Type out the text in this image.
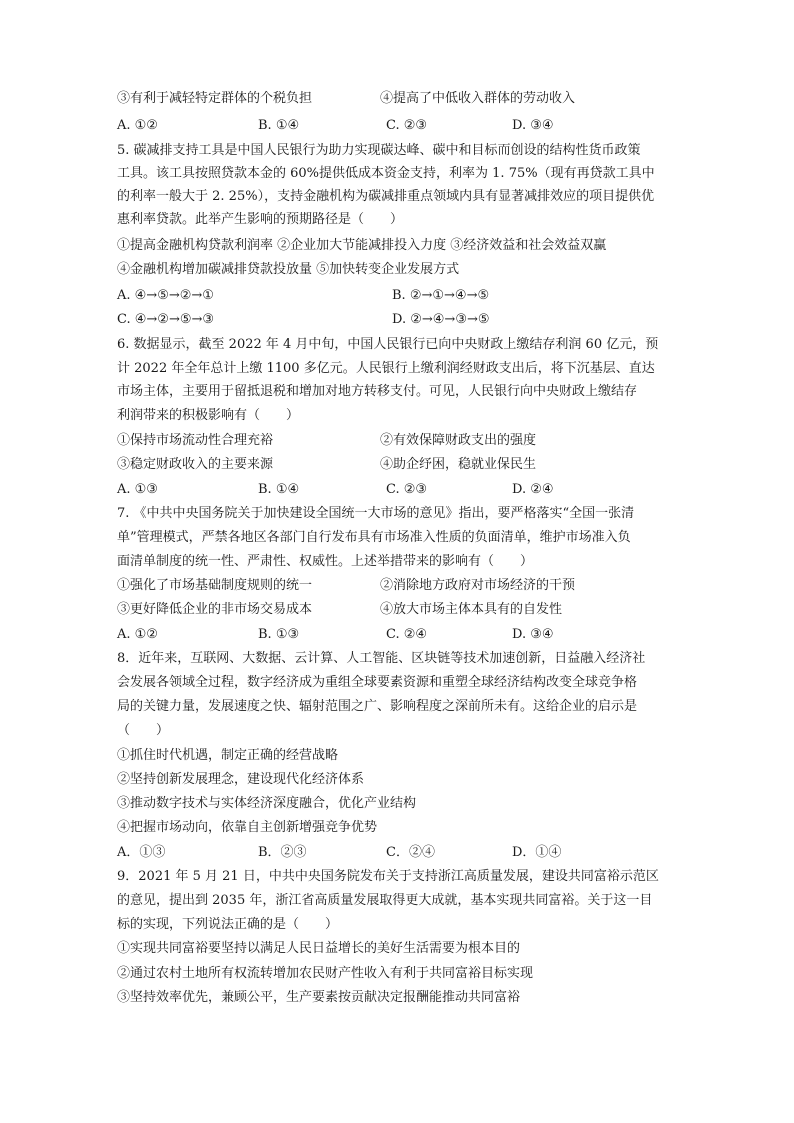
③有利于减轻特定群体的个税负担	④提高了中低收入群体的劳动收入
A. ①②	B. ①④	C. ②③	D. ③④
5. 碳减排支持工具是中国人民银行为助力实现碳达峰、碳中和目标而创设的结构性货币政策
工具。该工具按照贷款本金的 60%提供低成本资金支持，利率为 1. 75%（现有再贷款工具中
的利率一般大于 2. 25%），支持金融机构为碳减排重点领域内具有显著减排效应的项目提供优
惠利率贷款。此举产生影响的预期路径是（　　）
①提高金融机构贷款利润率 ②企业加大节能减排投入力度 ③经济效益和社会效益双赢
④金融机构增加碳减排贷款投放量 ⑤加快转变企业发展方式
A. ④→⑤→②→①	B. ②→①→④→⑤
C. ④→②→⑤→③	D. ②→④→③→⑤
6. 数据显示，截至 2022 年 4 月中旬，中国人民银行已向中央财政上缴结存利润 60 亿元，预
计 2022 年全年总计上缴 1100 多亿元。人民银行上缴利润经财政支出后，将下沉基层、直达
市场主体，主要用于留抵退税和增加对地方转移支付。可见，人民银行向中央财政上缴结存
利润带来的积极影响有（　　）
①保持市场流动性合理充裕	②有效保障财政支出的强度
③稳定财政收入的主要来源	④助企纾困，稳就业保民生
A. ①③	B. ①④	C. ②③	D. ②④
7. 《中共中央国务院关于加快建设全国统一大市场的意见》指出，要严格落实“全国一张清
单”管理模式，严禁各地区各部门自行发布具有市场准入性质的负面清单，维护市场准入负
面清单制度的统一性、严肃性、权威性。上述举措带来的影响有（　　）
①强化了市场基础制度规则的统一	②消除地方政府对市场经济的干预
③更好降低企业的非市场交易成本	④放大市场主体本具有的自发性
A. ①②	B. ①③	C. ②④	D. ③④
8．近年来，互联网、大数据、云计算、人工智能、区块链等技术加速创新，日益融入经济社
会发展各领域全过程，数字经济成为重组全球要素资源和重塑全球经济结构改变全球竞争格
局的关键力量，发展速度之快、辐射范围之广、影响程度之深前所未有。这给企业的启示是
（　　）
①抓住时代机遇，制定正确的经营战略
②坚持创新发展理念，建设现代化经济体系
③推动数字技术与实体经济深度融合，优化产业结构
④把握市场动向，依靠自主创新增强竞争优势
A．①③	B．②③	C．②④	D．①④
9．2021 年 5 月 21 日，中共中央国务院发布关于支持浙江高质量发展，建设共同富裕示范区
的意见，提出到 2035 年，浙江省高质量发展取得更大成就，基本实现共同富裕。关于这一目
标的实现，下列说法正确的是（　　）
①实现共同富裕要坚持以满足人民日益增长的美好生活需要为根本目的
②通过农村土地所有权流转增加农民财产性收入有利于共同富裕目标实现
③坚持效率优先，兼顾公平，生产要素按贡献决定报酬能推动共同富裕
